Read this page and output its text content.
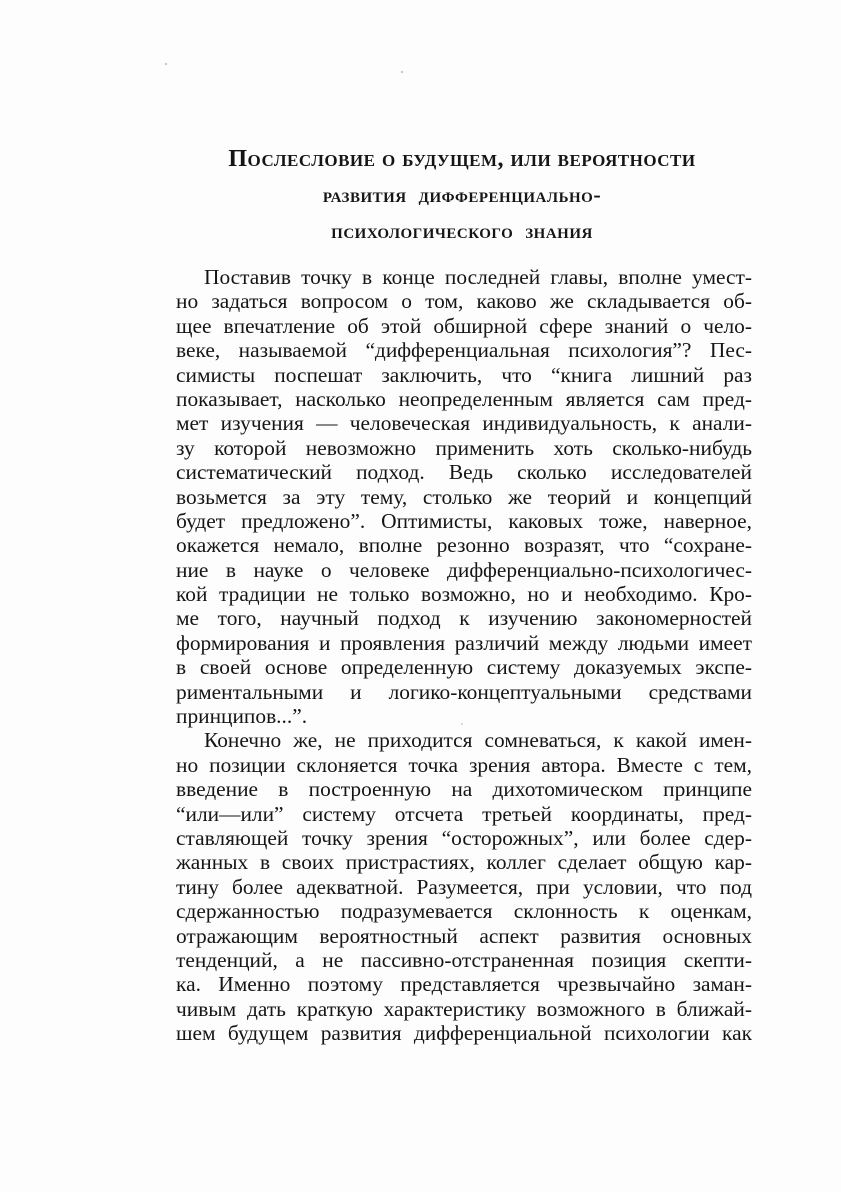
Послесловие о будущем, или вероятности
развития дифференциально-
психологического знания
Поставив точку в конце последней главы, вполне умест-
но задаться вопросом о том, каково же складывается об-
щее впечатление об этой обширной сфере знаний о чело-
веке, называемой “дифференциальная психология”? Пес-
симисты поспешат заключить, что “книга лишний раз
показывает, насколько неопределенным является сам пред-
мет изучения — человеческая индивидуальность, к анали-
зу которой невозможно применить хоть сколько-нибудь
систематический подход. Ведь сколько исследователей
возьмется за эту тему, столько же теорий и концепций
будет предложено”. Оптимисты, каковых тоже, наверное,
окажется немало, вполне резонно возразят, что “сохране-
ние в науке о человеке дифференциально-психологичес-
кой традиции не только возможно, но и необходимо. Кро-
ме того, научный подход к изучению закономерностей
формирования и проявления различий между людьми имеет
в своей основе определенную систему доказуемых экспе-
риментальными и логико-концептуальными средствами
принципов...”.
Конечно же, не приходится сомневаться, к какой имен-
но позиции склоняется точка зрения автора. Вместе с тем,
введение в построенную на дихотомическом принципе
“или—или” систему отсчета третьей координаты, пред-
ставляющей точку зрения “осторожных”, или более сдер-
жанных в своих пристрастиях, коллег сделает общую кар-
тину более адекватной. Разумеется, при условии, что под
сдержанностью подразумевается склонность к оценкам,
отражающим вероятностный аспект развития основных
тенденций, а не пассивно-отстраненная позиция скепти-
ка. Именно поэтому представляется чрезвычайно заман-
чивым дать краткую характеристику возможного в ближай-
шем будущем развития дифференциальной психологии как
